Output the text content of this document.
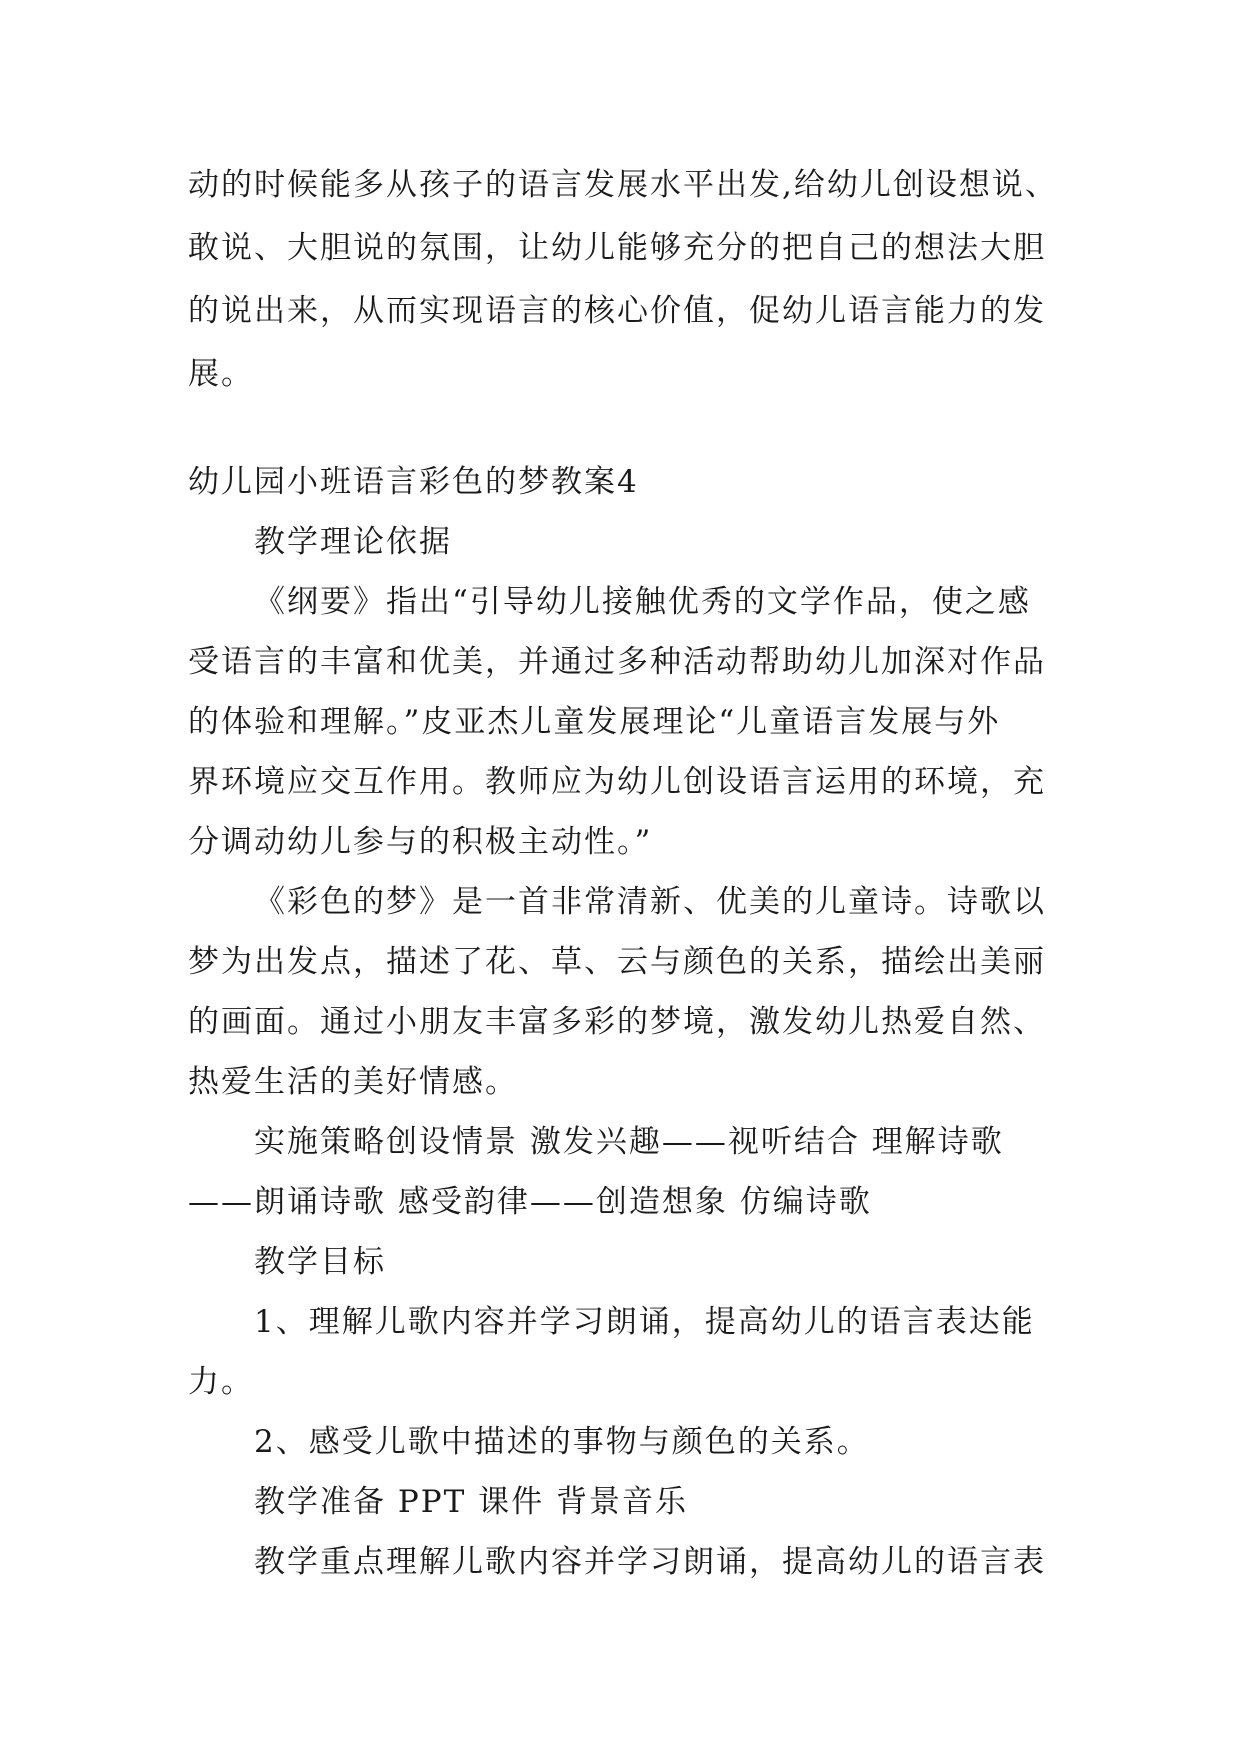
动的时候能多从孩子的语言发展水平出发,给幼儿创设想说、

敢说、大胆说的氛围，让幼儿能够充分的把自己的想法大胆

的说出来，从而实现语言的核心价值，促幼儿语言能力的发

展。

幼儿园小班语言彩色的梦教案4

教学理论依据

《纲要》指出“引导幼儿接触优秀的文学作品，使之感

受语言的丰富和优美，并通过多种活动帮助幼儿加深对作品

的体验和理解。”皮亚杰儿童发展理论“儿童语言发展与外

界环境应交互作用。教师应为幼儿创设语言运用的环境，充

分调动幼儿参与的积极主动性。”

《彩色的梦》是一首非常清新、优美的儿童诗。诗歌以

梦为出发点，描述了花、草、云与颜色的关系，描绘出美丽

的画面。通过小朋友丰富多彩的梦境，激发幼儿热爱自然、

热爱生活的美好情感。

实施策略创设情景 激发兴趣——视听结合 理解诗歌

——朗诵诗歌 感受韵律——创造想象 仿编诗歌

教学目标

1、理解儿歌内容并学习朗诵，提高幼儿的语言表达能

力。

2、感受儿歌中描述的事物与颜色的关系。

教学准备 PPT 课件 背景音乐

教学重点理解儿歌内容并学习朗诵，提高幼儿的语言表
